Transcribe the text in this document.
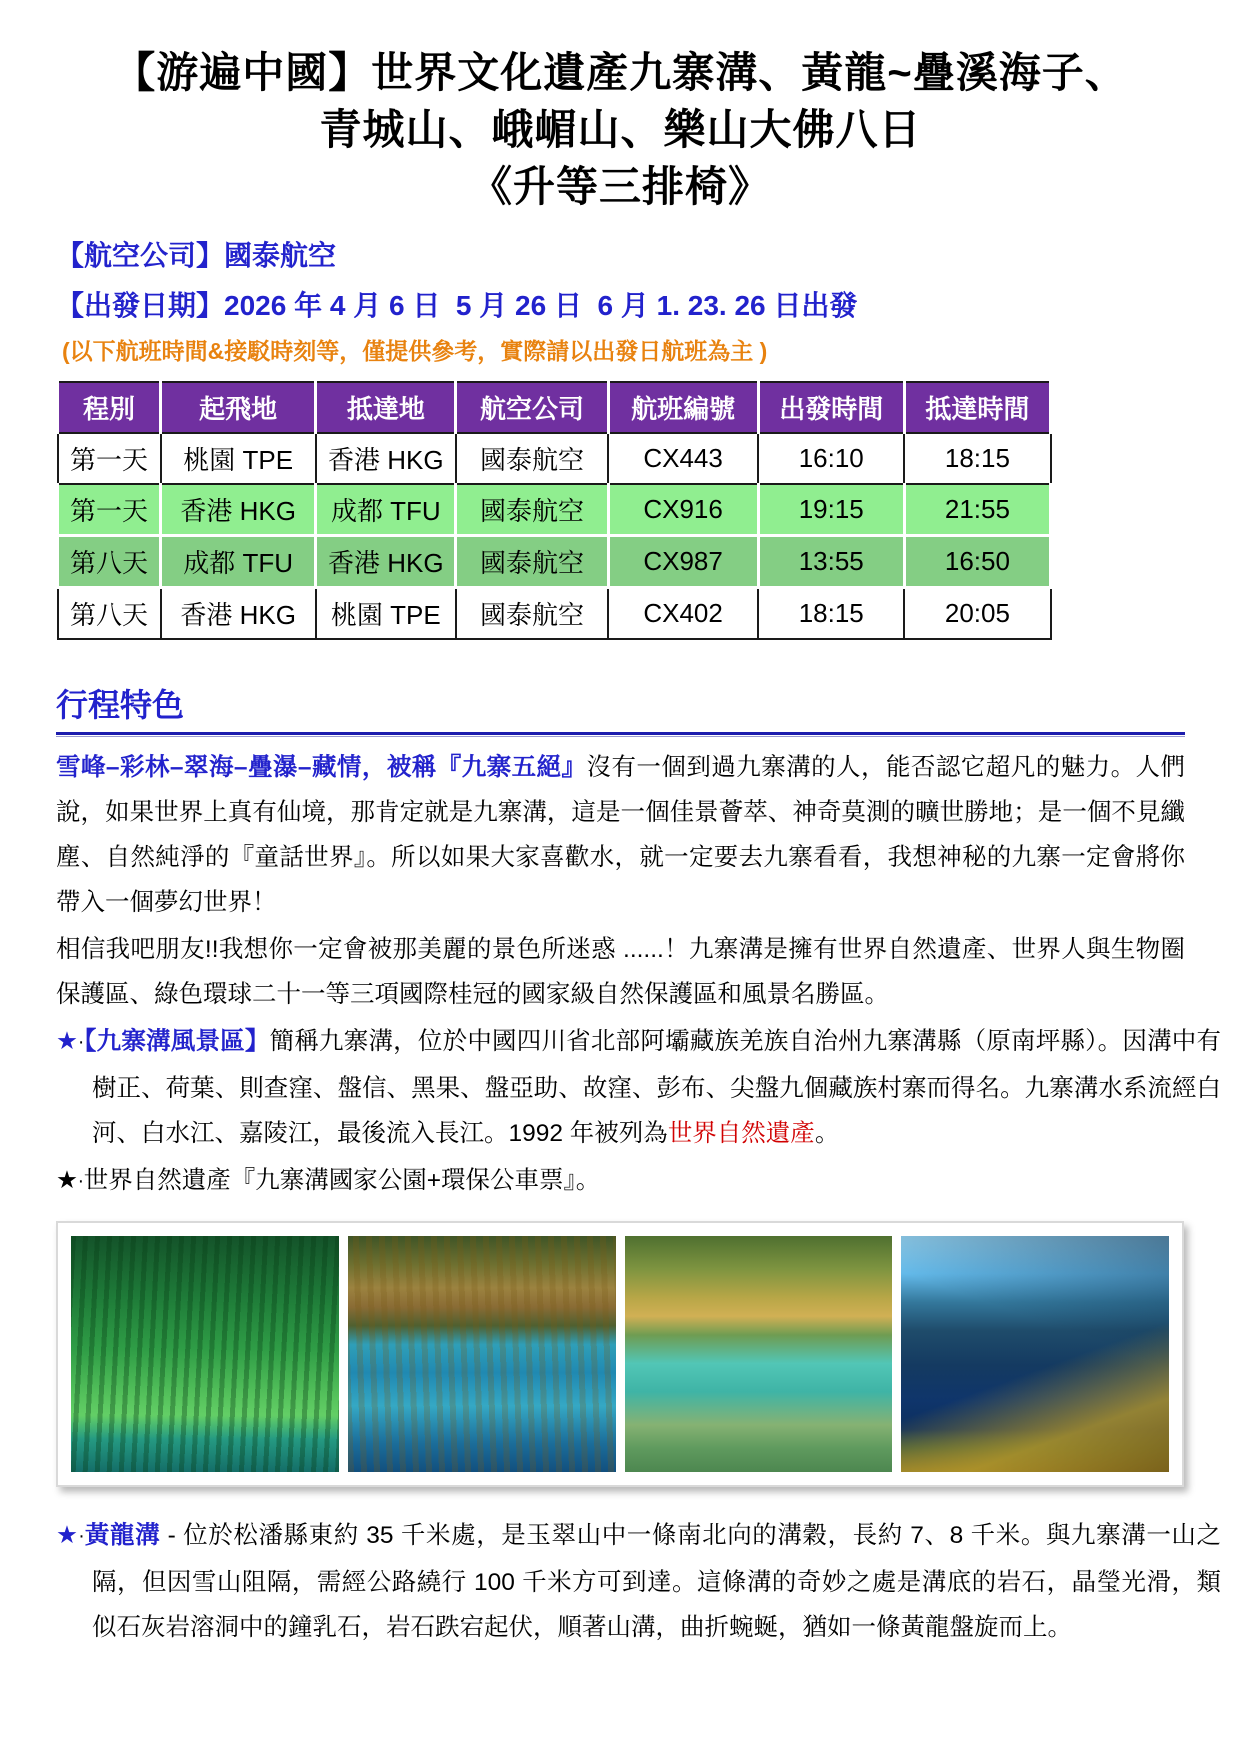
【游遍中國】世界文化遺產九寨溝、黃龍~疊溪海子、
青城山、峨嵋山、樂山大佛八日
《升等三排椅》
【航空公司】國泰航空
【出發日期】2026 年 4 月 6 日  5 月 26 日  6 月 1. 23. 26 日出發
(以下航班時間&接駁時刻等，僅提供參考，實際請以出發日航班為主 )
程別	起飛地	抵達地	航空公司	航班編號	出發時間	抵達時間
第一天	桃園 TPE	香港 HKG	國泰航空	CX443	16:10	18:15
第一天	香港 HKG	成都 TFU	國泰航空	CX916	19:15	21:55
第八天	成都 TFU	香港 HKG	國泰航空	CX987	13:55	16:50
第八天	香港 HKG	桃園 TPE	國泰航空	CX402	18:15	20:05
行程特色
雪峰–彩林–翠海–疊瀑–藏情，被稱『九寨五絕』沒有一個到過九寨溝的人，能否認它超凡的魅力。人們說，如果世界上真有仙境，那肯定就是九寨溝，這是一個佳景薈萃、神奇莫測的曠世勝地；是一個不見纖塵、自然純淨的『童話世界』。所以如果大家喜歡水，就一定要去九寨看看，我想神秘的九寨一定會將你帶入一個夢幻世界！
相信我吧朋友!!我想你一定會被那美麗的景色所迷惑 ......！九寨溝是擁有世界自然遺產、世界人與生物圈保護區、綠色環球二十一等三項國際桂冠的國家級自然保護區和風景名勝區。
★‧【九寨溝風景區】簡稱九寨溝，位於中國四川省北部阿壩藏族羌族自治州九寨溝縣（原南坪縣）。因溝中有樹正、荷葉、則查窪、盤信、黑果、盤亞助、故窪、彭布、尖盤九個藏族村寨而得名。九寨溝水系流經白河、白水江、嘉陵江，最後流入長江。1992 年被列為世界自然遺產。
★‧世界自然遺產『九寨溝國家公園+環保公車票』。
★‧黃龍溝 - 位於松潘縣東約 35 千米處，是玉翠山中一條南北向的溝穀，長約 7、8 千米。與九寨溝一山之隔，但因雪山阻隔，需經公路繞行 100 千米方可到達。這條溝的奇妙之處是溝底的岩石，晶瑩光滑，類似石灰岩溶洞中的鐘乳石，岩石跌宕起伏，順著山溝，曲折蜿蜒，猶如一條黃龍盤旋而上。
